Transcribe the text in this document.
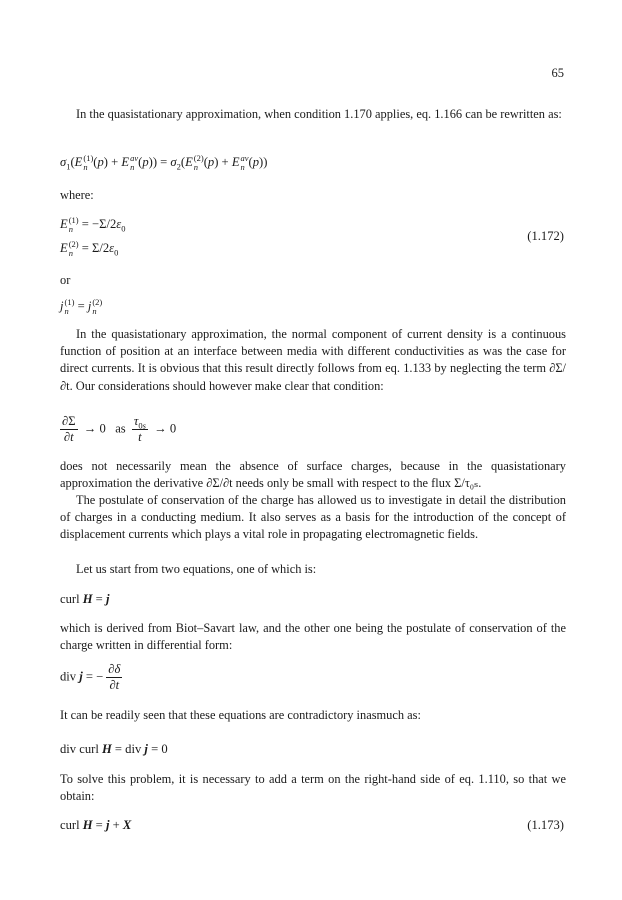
65

In the quasistationary approximation, when condition 1.170 applies, eq. 1.166 can be rewritten as:

$\sigma_1(E$ (1)
n (p) + E av
n $(p)) = \sigma_2(E$ (2)
n (p) + E av
n (p))

where:

E (1)
$n = -\Sigma/2\varepsilon_0$
E (2)
$n = \Sigma/2\varepsilon_0$
(1.172)

or

j (1)
n = j (2)
n

In the quasistationary approximation, the normal component of current density is a continuous function of position at an interface between media with different conductivities as was the case for direct currents. It is obvious that this result directly follows from eq. 1.133 by neglecting the term ∂Σ/∂t. Our considerations should however make clear that condition:

$\frac{\partial\Sigma}{\partial t} \to 0$   as $\frac{\tau_{0s}}{t} \to 0$

does not necessarily mean the absence of surface charges, because in the quasistationary approximation the derivative ∂Σ/∂t needs only be small with respect to the flux Σ/τ₀ₛ.

The postulate of conservation of the charge has allowed us to investigate in detail the distribution of charges in a conducting medium. It also serves as a basis for the introduction of the concept of displacement currents which plays a vital role in propagating electromagnetic fields.

Let us start from two equations, one of which is:

curl H = j

which is derived from Biot–Savart law, and the other one being the postulate of conservation of the charge written in differential form:

div j = − $\frac{\partial\delta}{\partial t}$

It can be readily seen that these equations are contradictory inasmuch as:

div curl H = div j = 0

To solve this problem, it is necessary to add a term on the right-hand side of eq. 1.110, so that we obtain:

curl H = j + X	(1.173)
